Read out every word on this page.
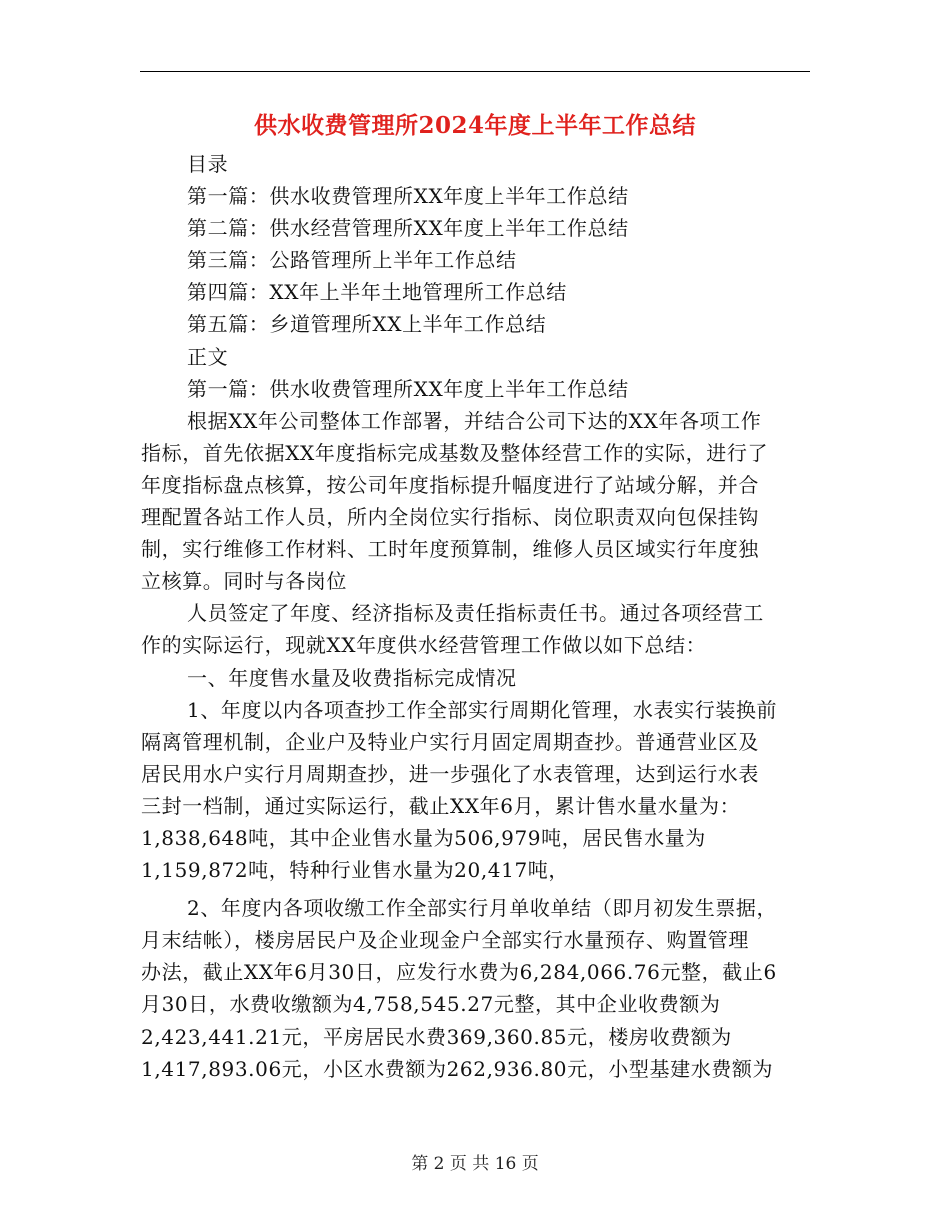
供水收费管理所2024年度上半年工作总结
目录
第一篇：供水收费管理所XX年度上半年工作总结
第二篇：供水经营管理所XX年度上半年工作总结
第三篇：公路管理所上半年工作总结
第四篇：XX年上半年土地管理所工作总结
第五篇：乡道管理所XX上半年工作总结
正文
第一篇：供水收费管理所XX年度上半年工作总结
根据XX年公司整体工作部署，并结合公司下达的XX年各项工作
指标，首先依据XX年度指标完成基数及整体经营工作的实际，进行了
年度指标盘点核算，按公司年度指标提升幅度进行了站域分解，并合
理配置各站工作人员，所内全岗位实行指标、岗位职责双向包保挂钩
制，实行维修工作材料、工时年度预算制，维修人员区域实行年度独
立核算。同时与各岗位
人员签定了年度、经济指标及责任指标责任书。通过各项经营工
作的实际运行，现就XX年度供水经营管理工作做以如下总结：
一、年度售水量及收费指标完成情况
1、年度以内各项查抄工作全部实行周期化管理，水表实行装换前
隔离管理机制，企业户及特业户实行月固定周期查抄。普通营业区及
居民用水户实行月周期查抄，进一步强化了水表管理，达到运行水表
三封一档制，通过实际运行，截止XX年6月，累计售水量水量为：
1,838,648吨，其中企业售水量为506,979吨，居民售水量为
1,159,872吨，特种行业售水量为20,417吨，
2、年度内各项收缴工作全部实行月单收单结（即月初发生票据，
月末结帐），楼房居民户及企业现金户全部实行水量预存、购置管理
办法，截止XX年6月30日，应发行水费为6,284,066.76元整，截止6
月30日，水费收缴额为4,758,545.27元整，其中企业收费额为
2,423,441.21元，平房居民水费369,360.85元，楼房收费额为
1,417,893.06元，小区水费额为262,936.80元，小型基建水费额为
第 2 页 共 16 页
